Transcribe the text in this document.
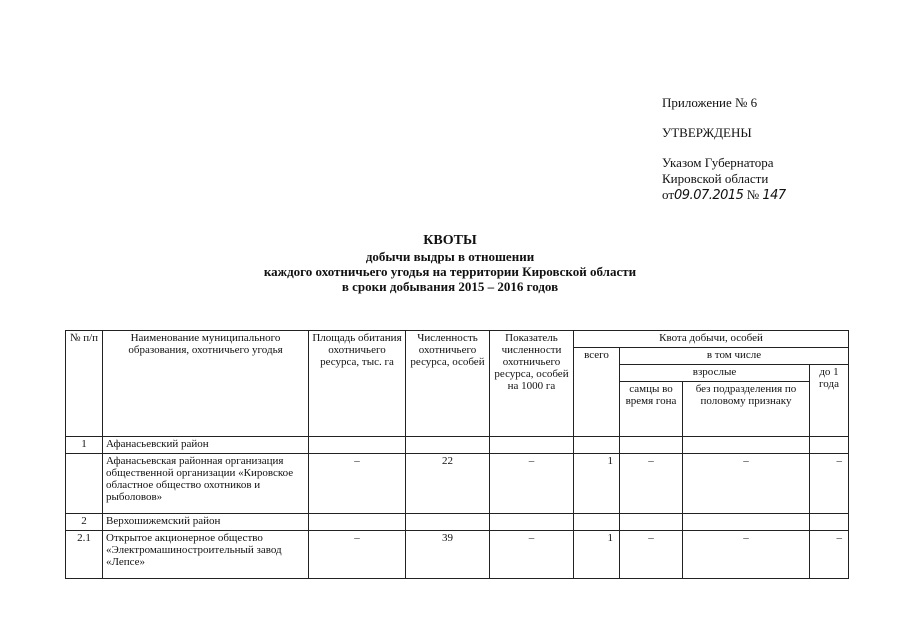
Приложение № 6
УТВЕРЖДЕНЫ
Указом Губернатора
Кировской области
от09.07.2015 № 147
КВОТЫ
добычи выдры в отношении
каждого охотничьего угодья на территории Кировской области
в сроки добывания 2015 – 2016 годов
№ п/п	Наименование муниципального образования, охотничьего угодья	Площадь обитания охотничьего ресурса, тыс. га	Численность охотничьего ресурса, особей	Показатель численности охотничьего ресурса, особей на 1000 га	Квота добычи, особей			
					всего	в том числе		
						взрослые		до 1 года
						самцы во время гона	без подразделения по половому признаку	
1	Афанасьевский район							
	Афанасьевская районная организация общественной организации «Кировское областное общество охотников и рыболовов»	–	22	–	1	–	–	–
2	Верхошижемский район							
2.1	Открытое акционерное общество «Электромашиностроительный завод «Лепсе»	–	39	–	1	–	–	–
